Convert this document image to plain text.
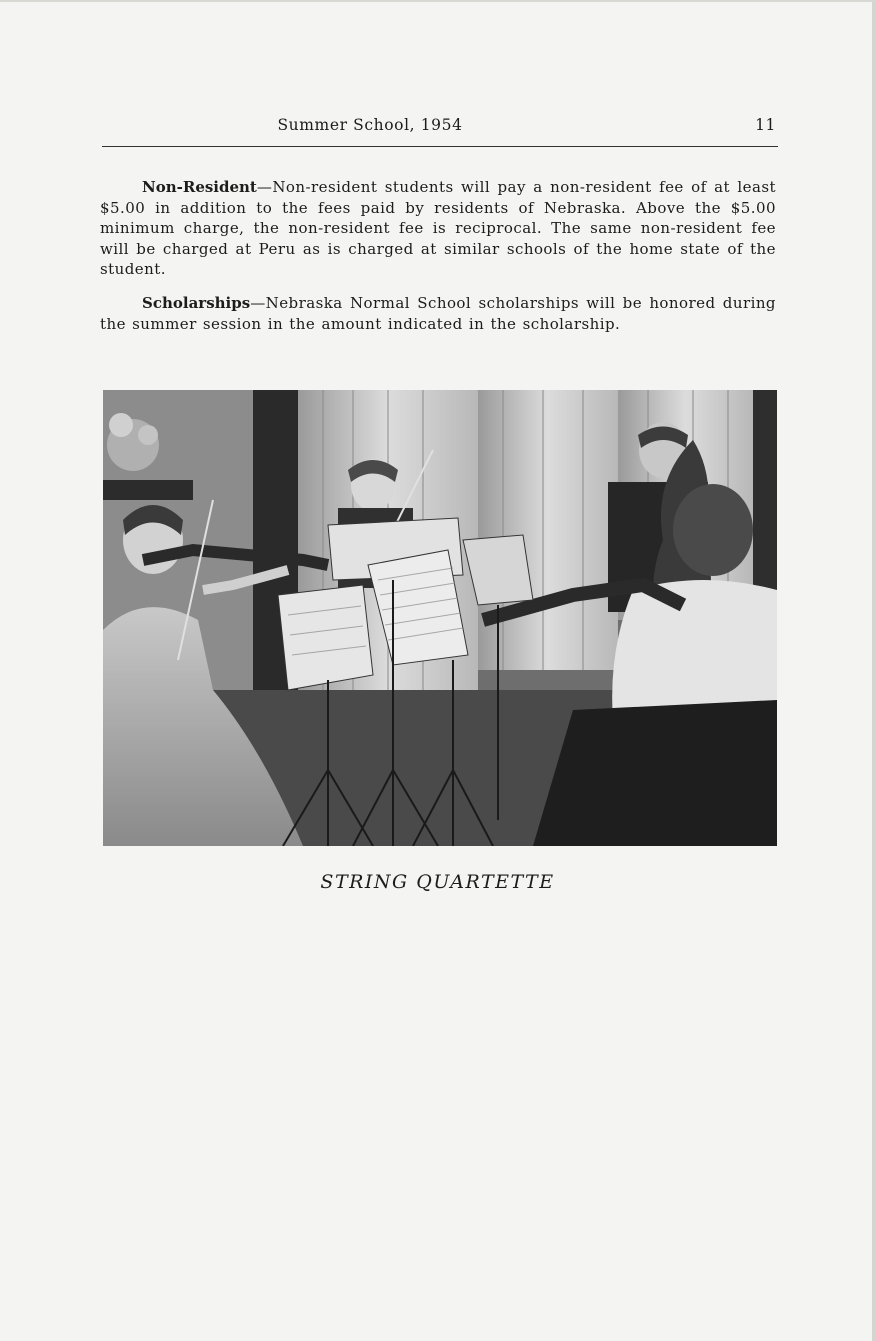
Summer School, 1954	11

Non-Resident—Non-resident students will pay a non-resident fee of at least $5.00 in addition to the fees paid by residents of Nebraska. Above the $5.00 minimum charge, the non-resident fee is reciprocal. The same non-resident fee will be charged at Peru as is charged at similar schools of the home state of the student.

Scholarships—Nebraska Normal School scholarships will be honored during the summer session in the amount indicated in the scholarship.

STRING QUARTETTE
